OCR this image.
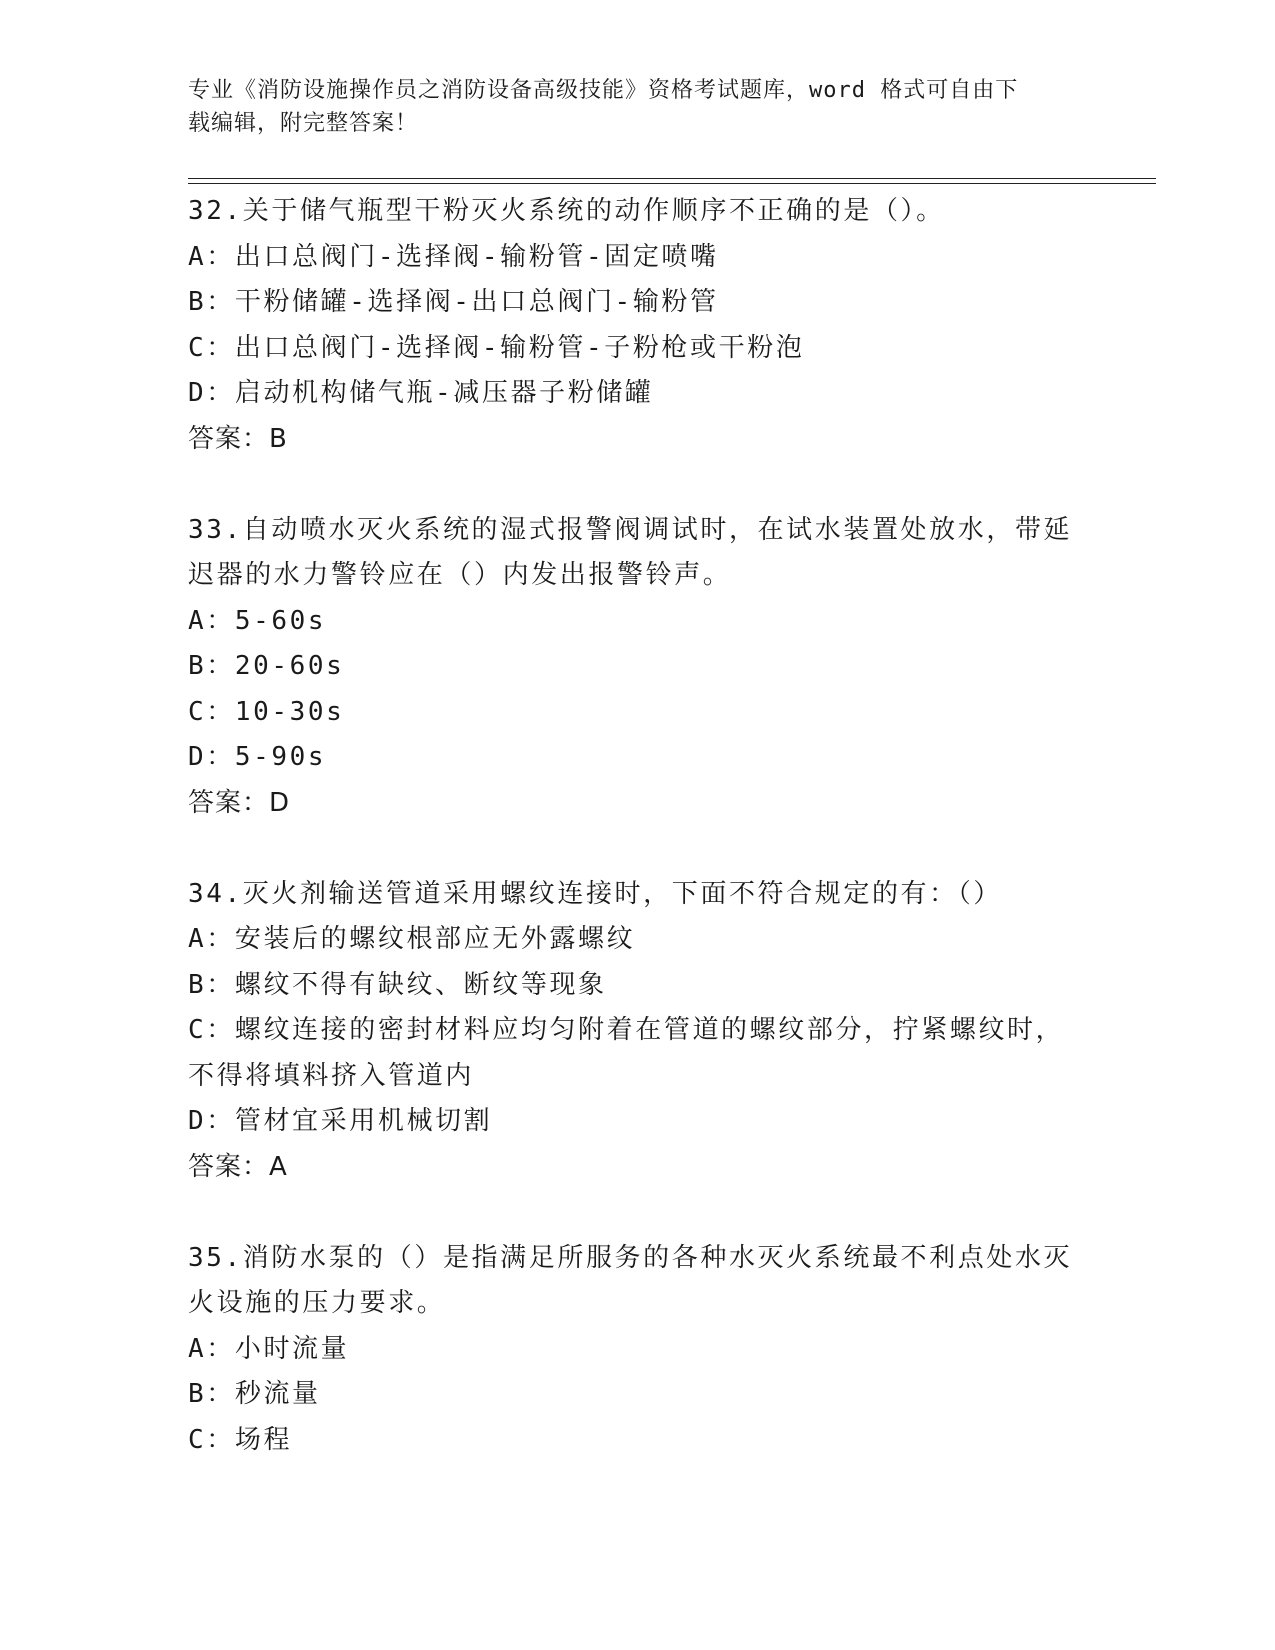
专业《消防设施操作员之消防设备高级技能》资格考试题库，word 格式可自由下
载编辑，附完整答案！
32.关于储气瓶型干粉灭火系统的动作顺序不正确的是（）。
A：出口总阀门-选择阀-输粉管-固定喷嘴
B：干粉储罐-选择阀-出口总阀门-输粉管
C：出口总阀门-选择阀-输粉管-子粉枪或干粉泡
D：启动机构储气瓶-减压器子粉储罐
答案：B
33.自动喷水灭火系统的湿式报警阀调试时，在试水装置处放水，带延
迟器的水力警铃应在（）内发出报警铃声。
A：5-60s
B：20-60s
C：10-30s
D：5-90s
答案：D
34.灭火剂输送管道采用螺纹连接时，下面不符合规定的有：（）
A：安装后的螺纹根部应无外露螺纹
B：螺纹不得有缺纹、断纹等现象
C：螺纹连接的密封材料应均匀附着在管道的螺纹部分，拧紧螺纹时，
不得将填料挤入管道内
D：管材宜采用机械切割
答案：A
35.消防水泵的（）是指满足所服务的各种水灭火系统最不利点处水灭
火设施的压力要求。
A：小时流量
B：秒流量
C：场程
